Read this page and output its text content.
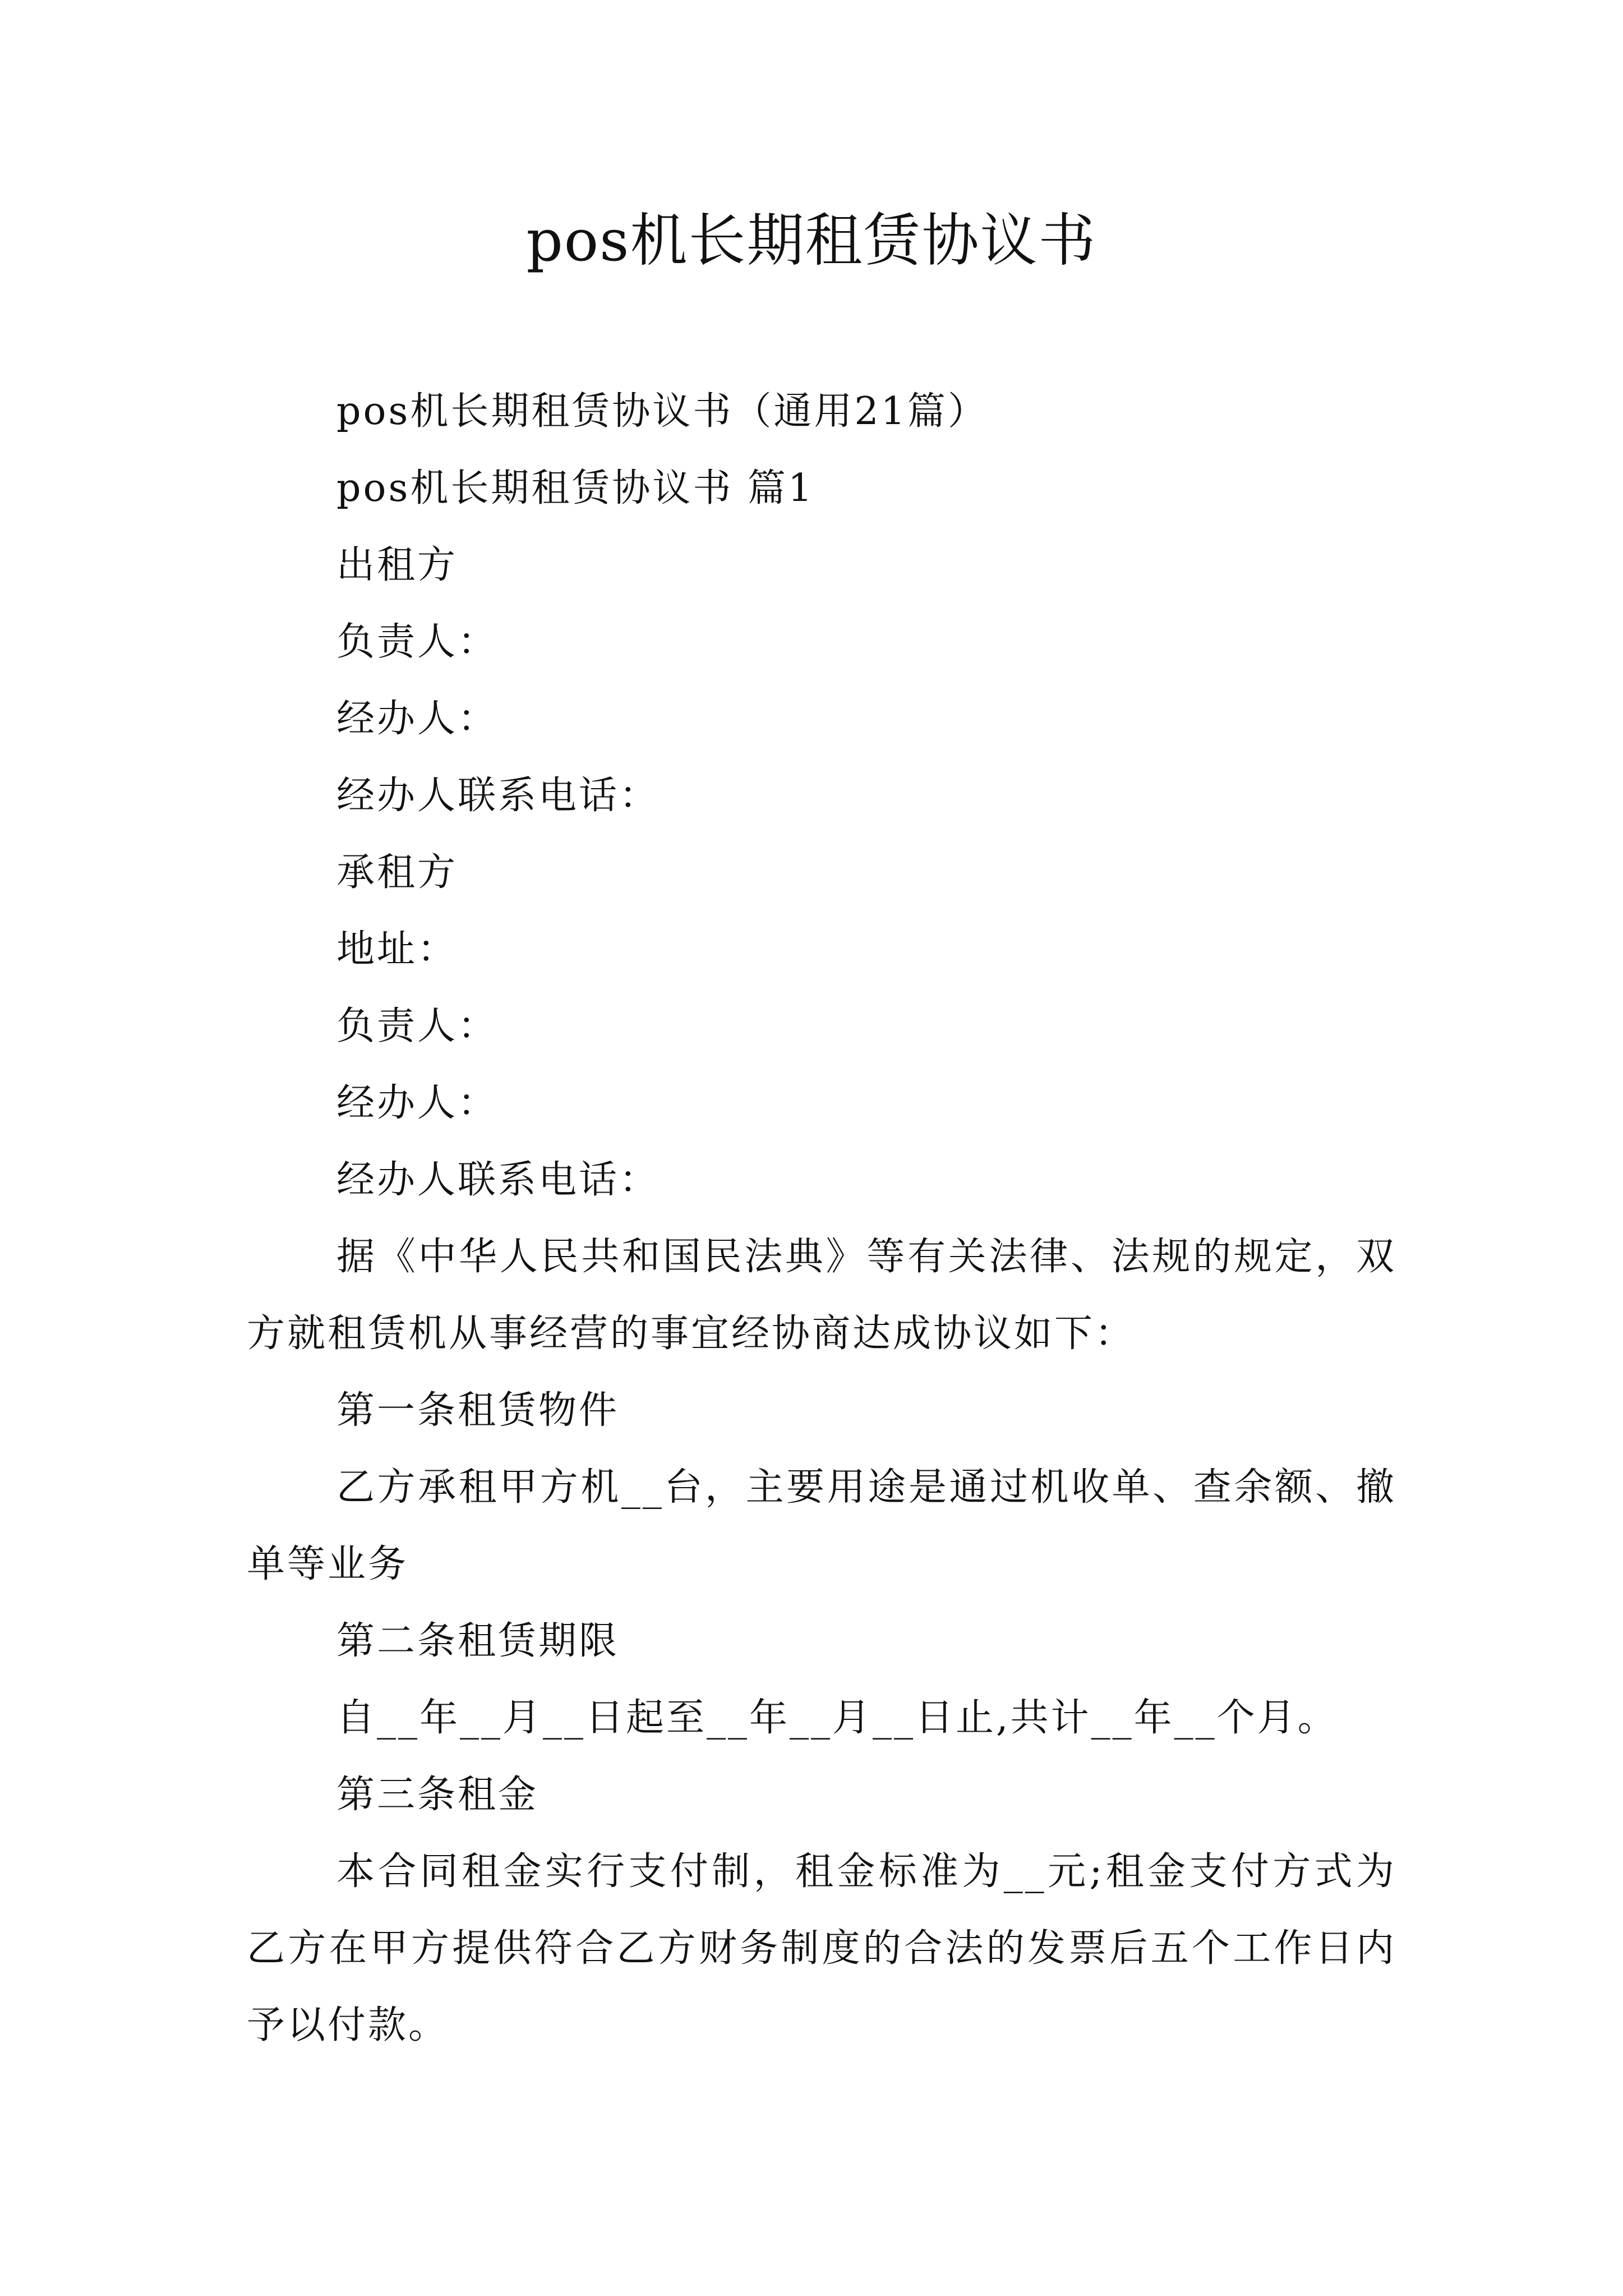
pos机长期租赁协议书
pos机长期租赁协议书（通用21篇）
pos机长期租赁协议书 篇1
出租方
负责人：
经办人：
经办人联系电话：
承租方
地址：
负责人：
经办人：
经办人联系电话：
据《中华人民共和国民法典》等有关法律、法规的规定，双方就租赁机从事经营的事宜经协商达成协议如下：
第一条租赁物件
乙方承租甲方机__台，主要用途是通过机收单、查余额、撤单等业务
第二条租赁期限
自__年__月__日起至__年__月__日止,共计__年__个月。
第三条租金
本合同租金实行支付制，租金标准为__元;租金支付方式为乙方在甲方提供符合乙方财务制度的合法的发票后五个工作日内予以付款。
